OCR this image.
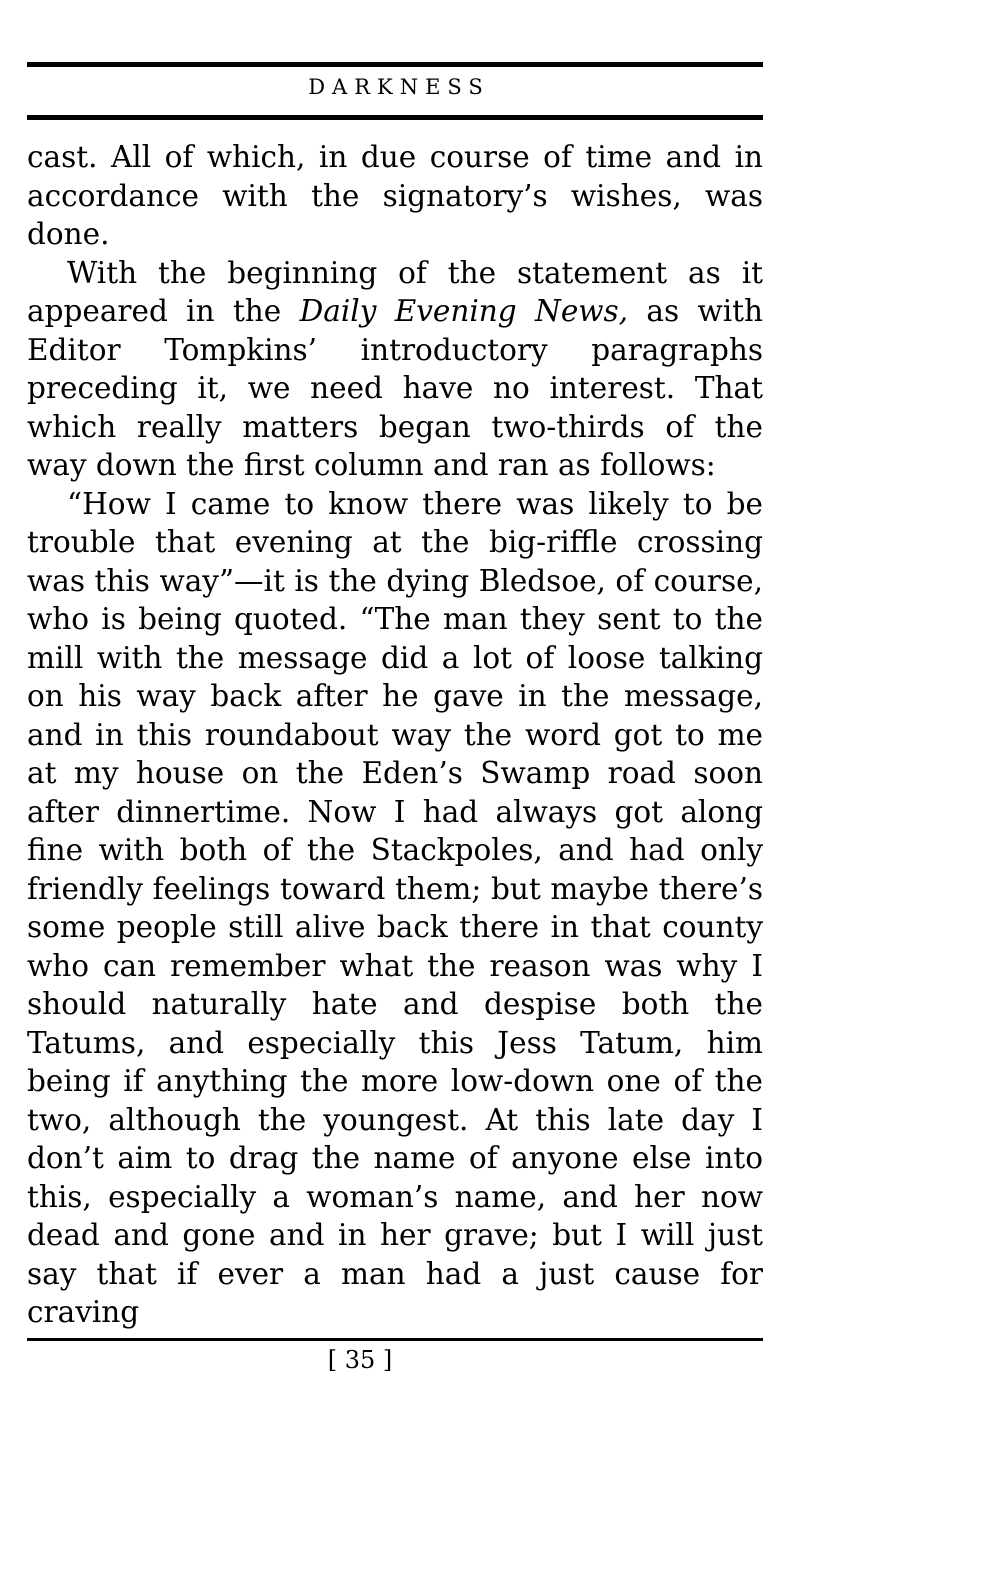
DARKNESS

cast. All of which, in due course of time and in accordance with the signatory’s wishes, was done.

With the beginning of the statement as it appeared in the Daily Evening News, as with Editor Tompkins’ introductory paragraphs preceding it, we need have no interest. That which really matters began two-thirds of the way down the first column and ran as follows:

“How I came to know there was likely to be trouble that evening at the big-riffle crossing was this way”—it is the dying Bledsoe, of course, who is being quoted. “The man they sent to the mill with the message did a lot of loose talking on his way back after he gave in the message, and in this roundabout way the word got to me at my house on the Eden’s Swamp road soon after dinnertime. Now I had always got along fine with both of the Stackpoles, and had only friendly feelings toward them; but maybe there’s some people still alive back there in that county who can remember what the reason was why I should naturally hate and despise both the Tatums, and especially this Jess Tatum, him being if anything the more low-down one of the two, although the youngest. At this late day I don’t aim to drag the name of anyone else into this, especially a woman’s name, and her now dead and gone and in her grave; but I will just say that if ever a man had a just cause for craving

[ 35 ]
